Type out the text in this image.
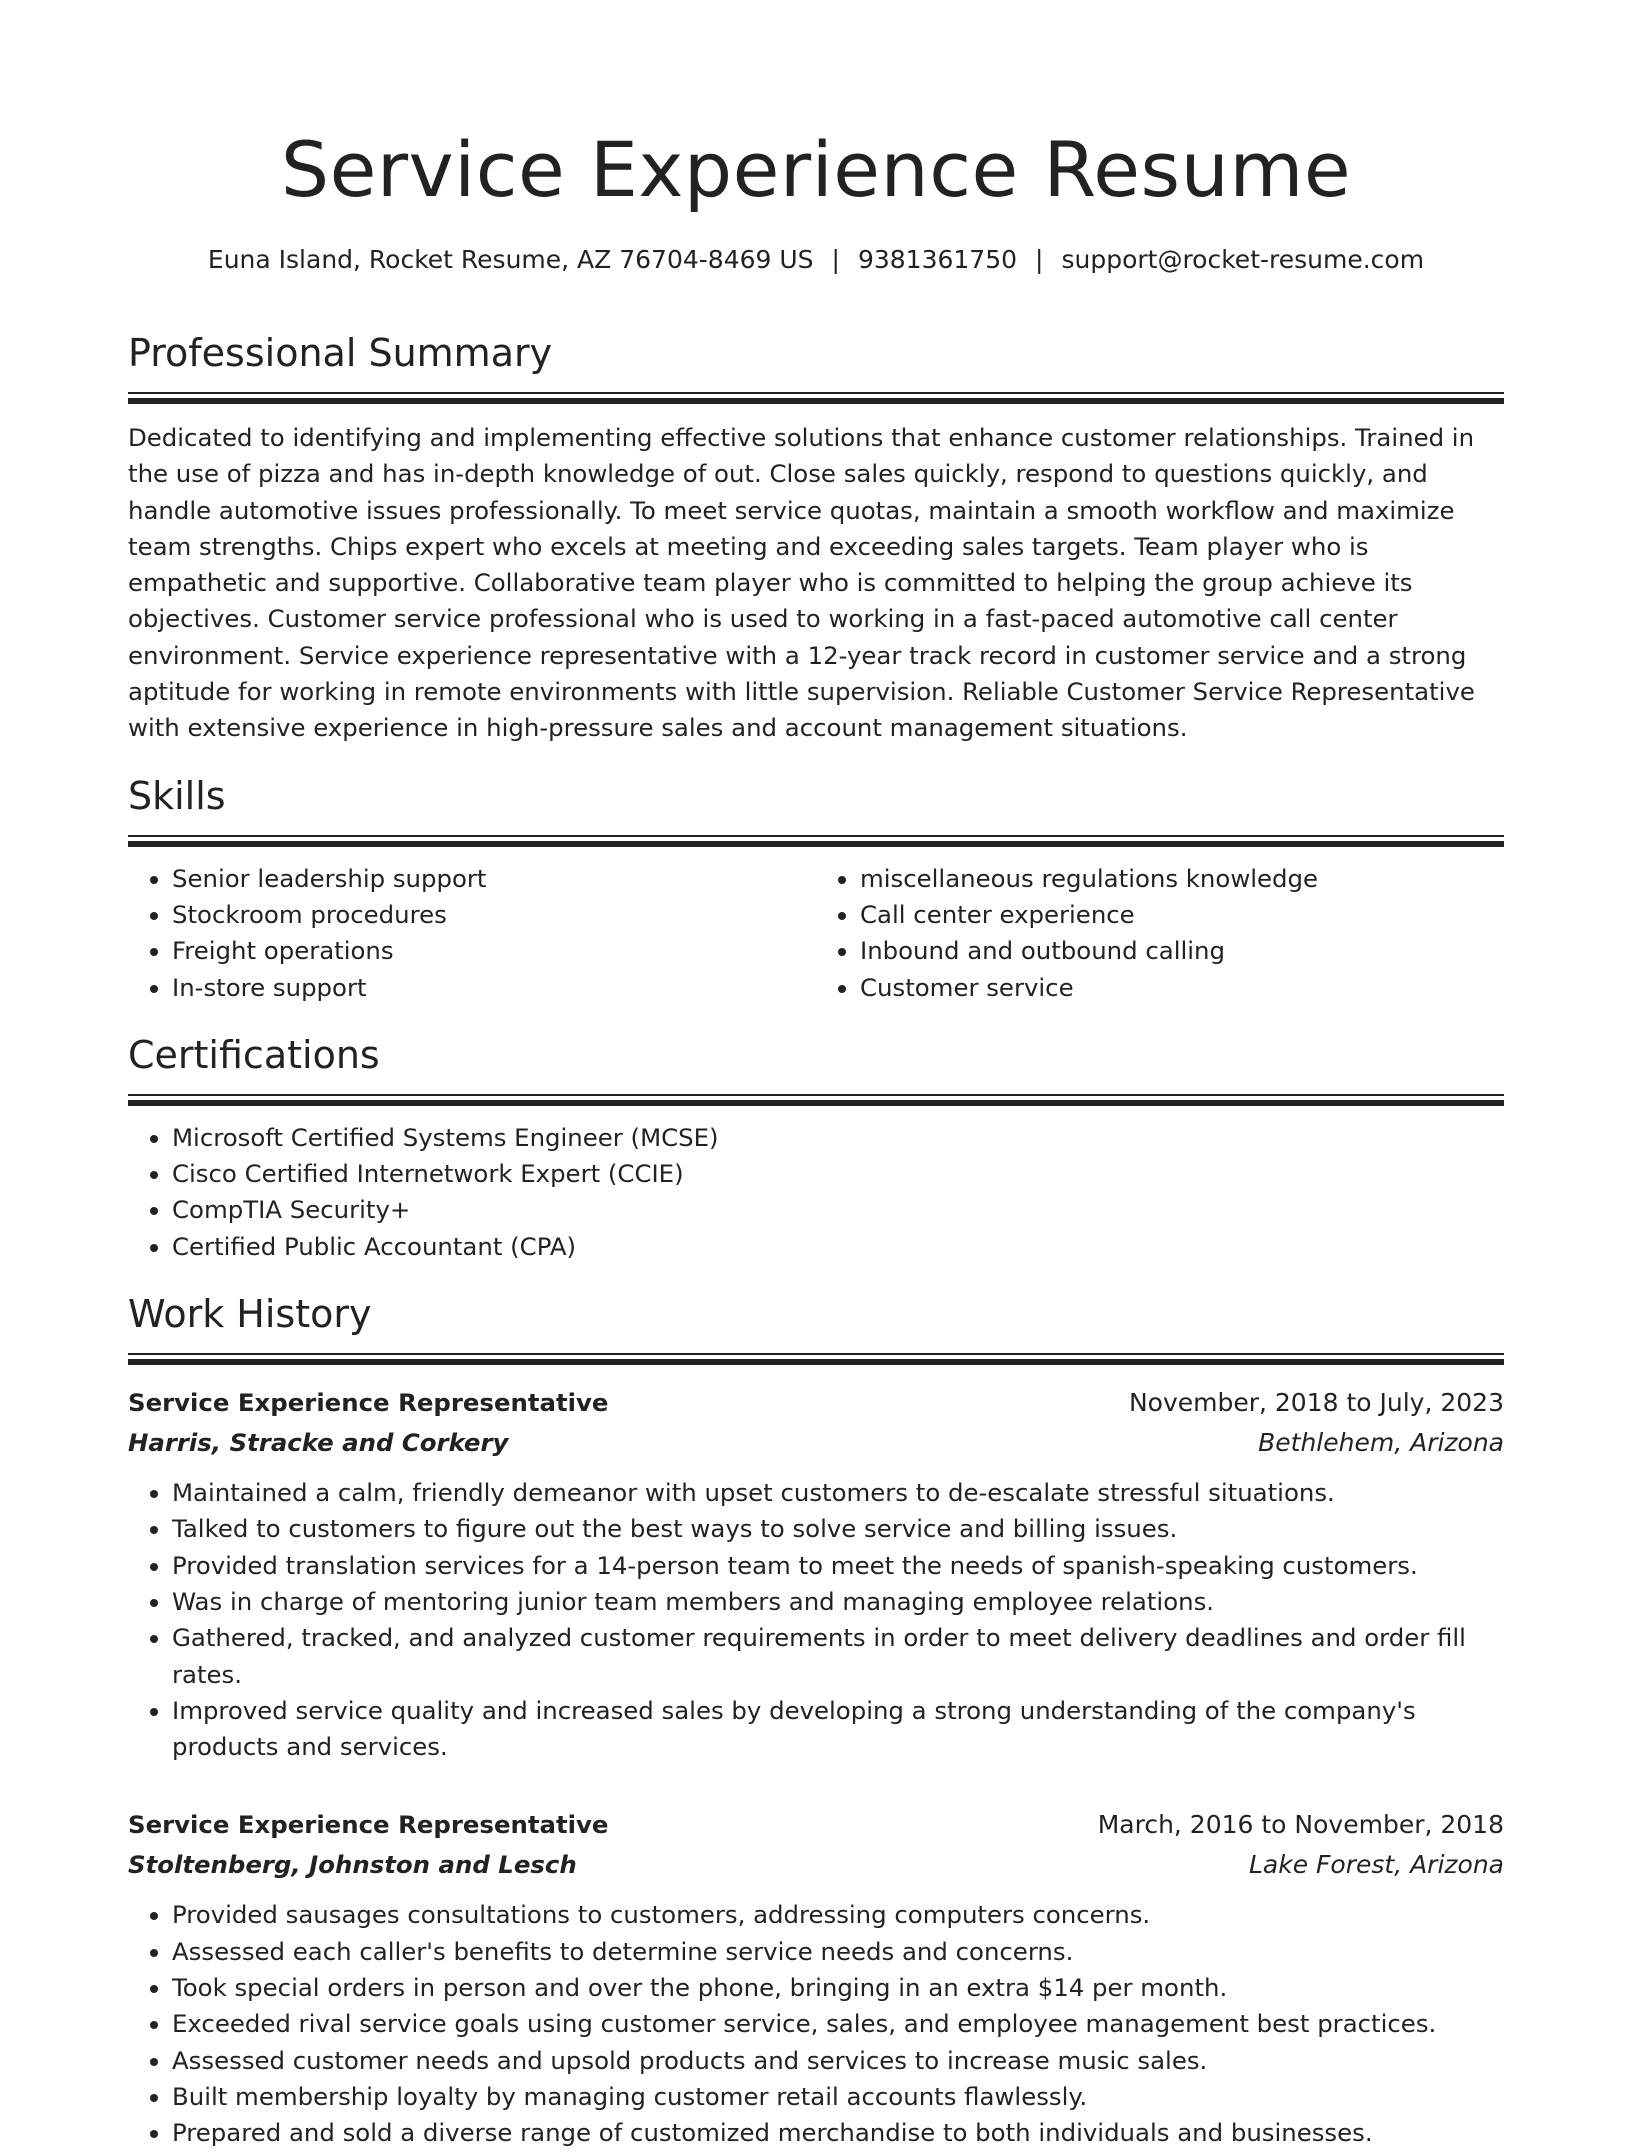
Service Experience Resume
Euna Island, Rocket Resume, AZ 76704-8469 US | 9381361750 | support@rocket-resume.com
Professional Summary
Dedicated to identifying and implementing effective solutions that enhance customer relationships. Trained in the use of pizza and has in-depth knowledge of out. Close sales quickly, respond to questions quickly, and handle automotive issues professionally. To meet service quotas, maintain a smooth workflow and maximize team strengths. Chips expert who excels at meeting and exceeding sales targets. Team player who is empathetic and supportive. Collaborative team player who is committed to helping the group achieve its objectives. Customer service professional who is used to working in a fast-paced automotive call center environment. Service experience representative with a 12-year track record in customer service and a strong aptitude for working in remote environments with little supervision. Reliable Customer Service Representative with extensive experience in high-pressure sales and account management situations.
Skills
• Senior leadership support
• Stockroom procedures
• Freight operations
• In-store support
• miscellaneous regulations knowledge
• Call center experience
• Inbound and outbound calling
• Customer service
Certifications
• Microsoft Certified Systems Engineer (MCSE)
• Cisco Certified Internetwork Expert (CCIE)
• CompTIA Security+
• Certified Public Accountant (CPA)
Work History
Service Experience Representative	November, 2018 to July, 2023
Harris, Stracke and Corkery	Bethlehem, Arizona
• Maintained a calm, friendly demeanor with upset customers to de-escalate stressful situations.
• Talked to customers to figure out the best ways to solve service and billing issues.
• Provided translation services for a 14-person team to meet the needs of spanish-speaking customers.
• Was in charge of mentoring junior team members and managing employee relations.
• Gathered, tracked, and analyzed customer requirements in order to meet delivery deadlines and order fill rates.
• Improved service quality and increased sales by developing a strong understanding of the company's products and services.
Service Experience Representative	March, 2016 to November, 2018
Stoltenberg, Johnston and Lesch	Lake Forest, Arizona
• Provided sausages consultations to customers, addressing computers concerns.
• Assessed each caller's benefits to determine service needs and concerns.
• Took special orders in person and over the phone, bringing in an extra $14 per month.
• Exceeded rival service goals using customer service, sales, and employee management best practices.
• Assessed customer needs and upsold products and services to increase music sales.
• Built membership loyalty by managing customer retail accounts flawlessly.
• Prepared and sold a diverse range of customized merchandise to both individuals and businesses.
